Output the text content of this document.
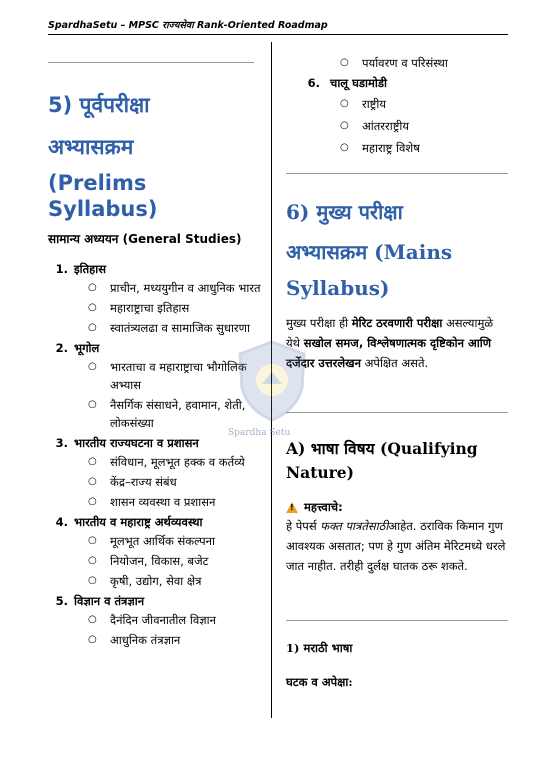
SpardhaSetu – MPSC राज्यसेवा Rank-Oriented Roadmap
5) पूर्वपरीक्षा
अभ्यासक्रम
(Prelims
Syllabus)
सामान्य अध्ययन (General Studies)
1. इतिहास
○ प्राचीन, मध्ययुगीन व आधुनिक भारत
○ महाराष्ट्राचा इतिहास
○ स्वातंत्र्यलढा व सामाजिक सुधारणा
2. भूगोल
○ भारताचा व महाराष्ट्राचा भौगोलिक अभ्यास
○ नैसर्गिक संसाधने, हवामान, शेती, लोकसंख्या
3. भारतीय राज्यघटना व प्रशासन
○ संविधान, मूलभूत हक्क व कर्तव्ये
○ केंद्र–राज्य संबंध
○ शासन व्यवस्था व प्रशासन
4. भारतीय व महाराष्ट्र अर्थव्यवस्था
○ मूलभूत आर्थिक संकल्पना
○ नियोजन, विकास, बजेट
○ कृषी, उद्योग, सेवा क्षेत्र
5. विज्ञान व तंत्रज्ञान
○ दैनंदिन जीवनातील विज्ञान
○ आधुनिक तंत्रज्ञान
○ पर्यावरण व परिसंस्था
6. चालू घडामोडी
○ राष्ट्रीय
○ आंतरराष्ट्रीय
○ महाराष्ट्र विशेष
6) मुख्य परीक्षा
अभ्यासक्रम (Mains
Syllabus)

मुख्य परीक्षा ही मेरिट ठरवणारी परीक्षा असल्यामुळे येथे सखोल समज, विश्लेषणात्मक दृष्टिकोन आणि दर्जेदार उत्तरलेखन अपेक्षित असते.

A) भाषा विषय (Qualifying Nature)
!
महत्त्वाचे:

हे पेपर्स फक्त पात्रतेसाठीआहेत. ठराविक किमान गुण आवश्यक असतात; पण हे गुण अंतिम मेरिटमध्ये धरले जात नाहीत. तरीही दुर्लक्ष घातक ठरू शकते.

1) मराठी भाषा
घटक व अपेक्षा:
Spardha Setu
